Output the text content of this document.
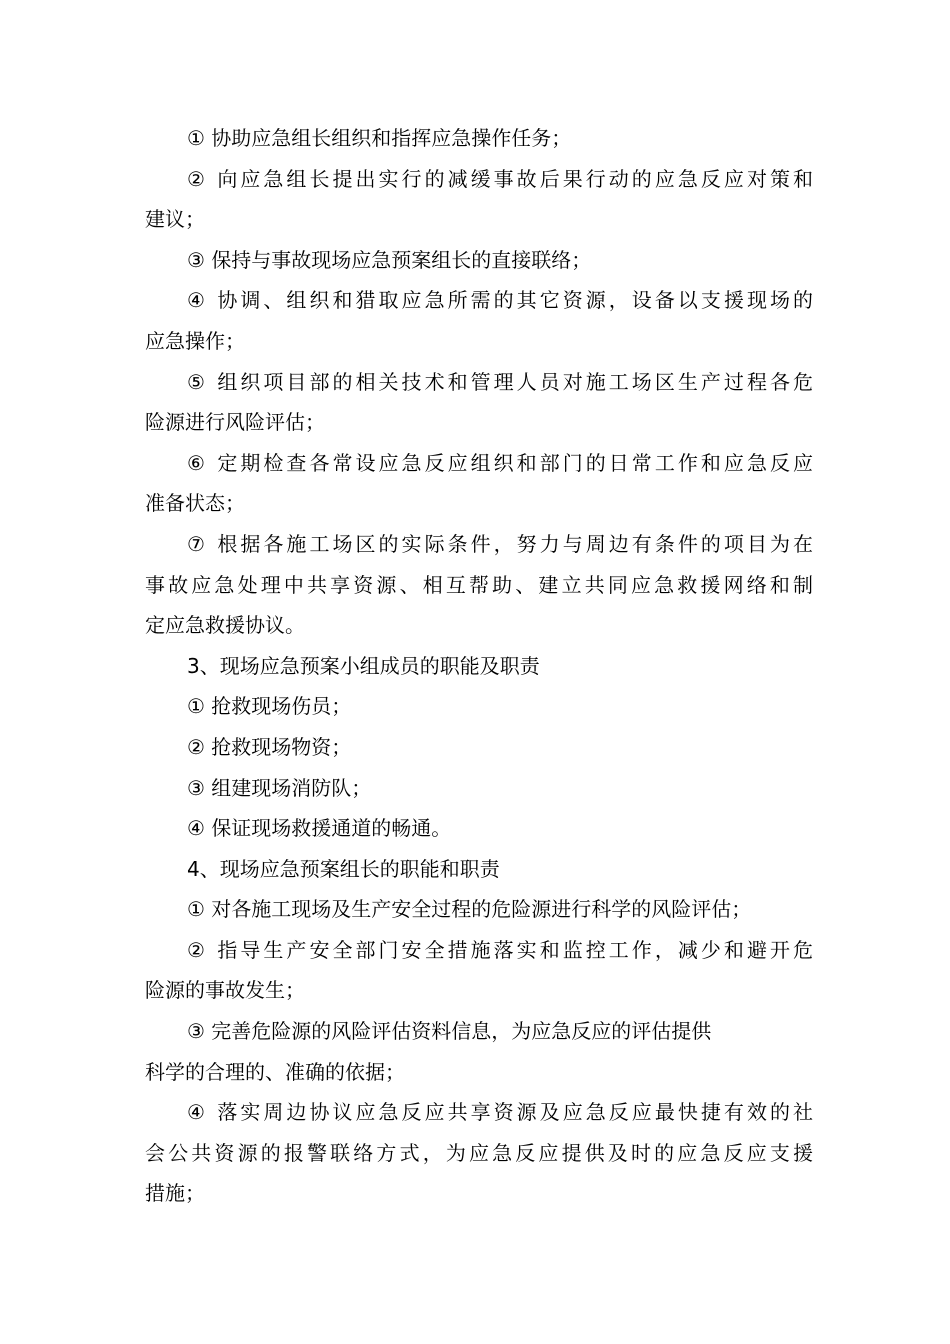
① 协助应急组长组织和指挥应急操作任务；
② 向应急组长提出实行的减缓事故后果行动的应急反应对策和
建议；
③ 保持与事故现场应急预案组长的直接联络；
④ 协调、组织和猎取应急所需的其它资源，设备以支援现场的
应急操作；
⑤ 组织项目部的相关技术和管理人员对施工场区生产过程各危
险源进行风险评估；
⑥ 定期检查各常设应急反应组织和部门的日常工作和应急反应
准备状态；
⑦ 根据各施工场区的实际条件，努力与周边有条件的项目为在
事故应急处理中共享资源、相互帮助、建立共同应急救援网络和制
定应急救援协议。
3、现场应急预案小组成员的职能及职责
① 抢救现场伤员；
② 抢救现场物资；
③ 组建现场消防队；
④ 保证现场救援通道的畅通。
4、现场应急预案组长的职能和职责
① 对各施工现场及生产安全过程的危险源进行科学的风险评估；
② 指导生产安全部门安全措施落实和监控工作，减少和避开危
险源的事故发生；
③ 完善危险源的风险评估资料信息，为应急反应的评估提供
科学的合理的、准确的依据；
④ 落实周边协议应急反应共享资源及应急反应最快捷有效的社
会公共资源的报警联络方式，为应急反应提供及时的应急反应支援
措施；
